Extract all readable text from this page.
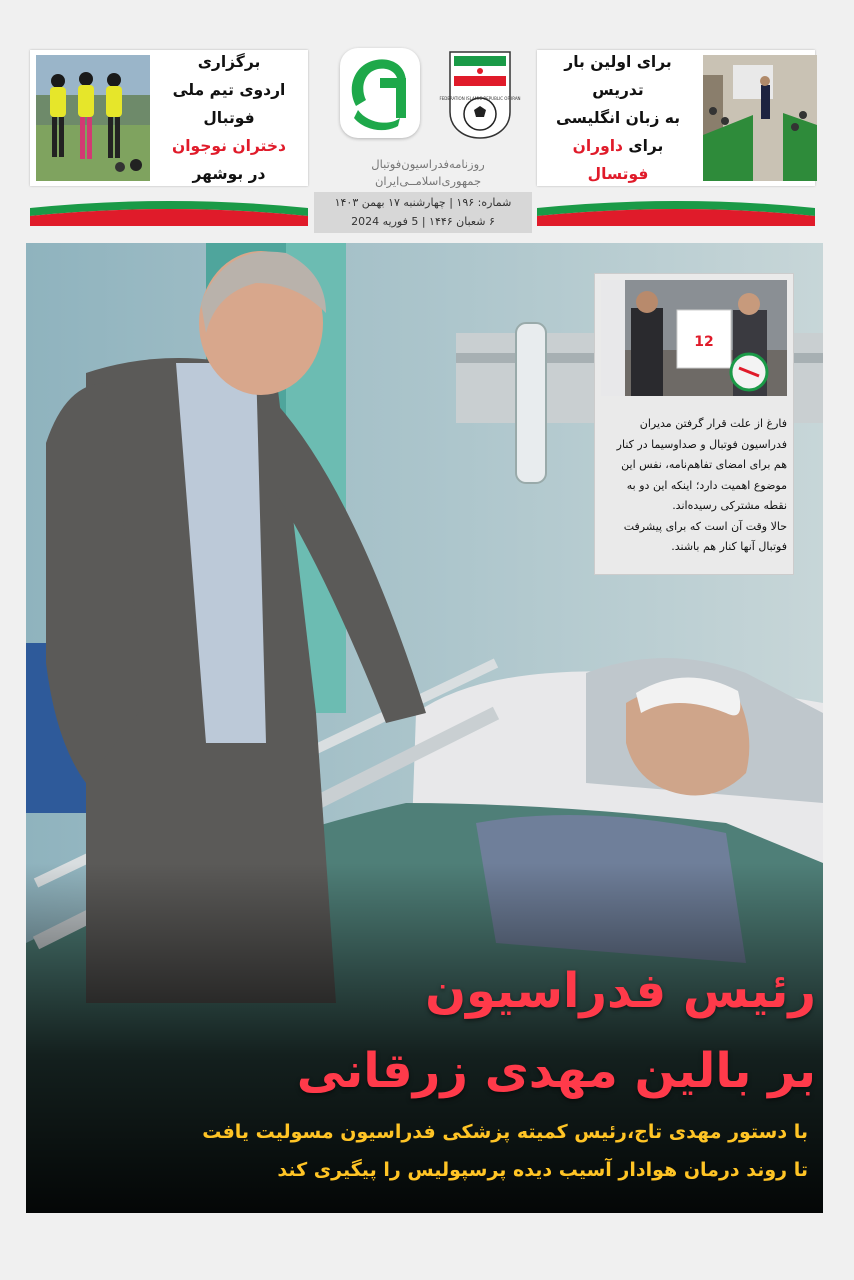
برگزاری
اردوی تیم ملی فوتبال
دختران نوجوان
در بوشهر
FEDERATION ISLAMIC REPUBLIC OF IRAN
روزنامه‌فدراسیون‌فوتبال
جمهوری‌اسلامــی‌ایران
برای اولین بار تدریس
به زبان انگلیسی
برای داوران فوتسال
شماره: ۱۹۶ | چهارشنبه ۱۷ بهمن ۱۴۰۳
۶ شعبان ۱۴۴۶ | 5 فوریه 2024
12
فارغ از علت قرار گرفتن مدیران
فدراسیون فوتبال و صداوسیما در کنار
هم برای امضای تفاهم‌نامه، نفس این
موضوع اهمیت دارد؛ اینکه این دو به
نقطه مشترکی رسیده‌اند.
حالا وقت آن است که برای پیشرفت
فوتبال آنها کنار هم باشند.
رئیس فدراسیون
بر بالین مهدی زرقانی
با دستور مهدی تاج،رئیس کمیته پزشکی فدراسیون مسولیت یافت
تا روند درمان هوادار آسیب دیده پرسپولیس را پیگیری کند
